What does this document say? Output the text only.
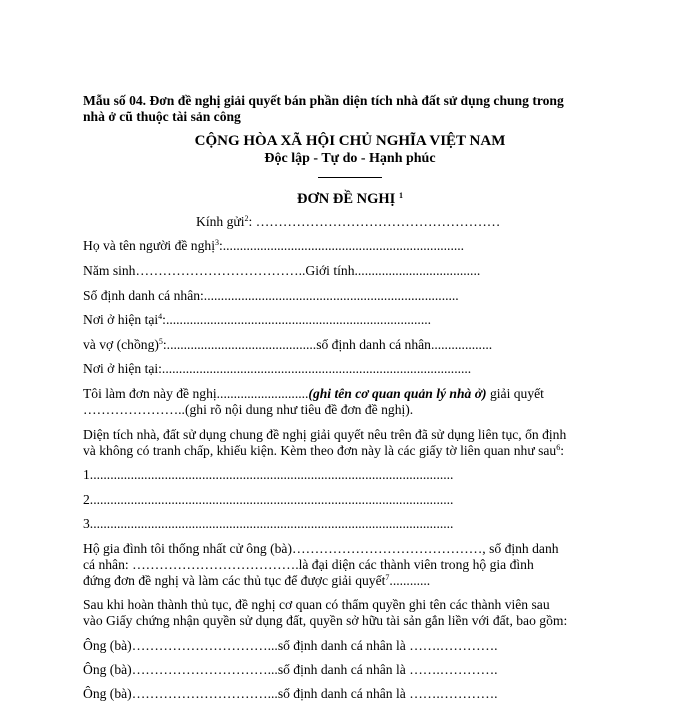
Mẫu số 04. Đơn đề nghị giải quyết bán phần diện tích nhà đất sử dụng chung trong
nhà ở cũ thuộc tài sản công
CỘNG HÒA XÃ HỘI CHỦ NGHĨA VIỆT NAM
Độc lập - Tự do - Hạnh phúc
ĐƠN ĐỀ NGHỊ $^1$
Kính gửi$^2$: ………………………………………………
Họ và tên người đề nghị$^3$:.......................................................................
Năm sinh………………………………..Giới tính.....................................
Số định danh cá nhân:...........................................................................
Nơi ở hiện tại$^4$:..............................................................................
và vợ (chồng)$^5$:............................................số định danh cá nhân..................
Nơi ở hiện tại:...........................................................................................
Tôi làm đơn này đề nghị...........................(ghi tên cơ quan quản lý nhà ở) giải quyết
…………………..(ghi rõ nội dung như tiêu đề đơn đề nghị).
Diện tích nhà, đất sử dụng chung đề nghị giải quyết nêu trên đã sử dụng liên tục, ổn định
và không có tranh chấp, khiếu kiện. Kèm theo đơn này là các giấy tờ liên quan như sau$^6$:
1...........................................................................................................
2...........................................................................................................
3...........................................................................................................
Hộ gia đình tôi thống nhất cử ông (bà)……………………………………, số định danh
cá nhân: ……………………………….là đại diện các thành viên trong hộ gia đình
đứng đơn đề nghị và làm các thủ tục để được giải quyết$^7$............
Sau khi hoàn thành thủ tục, đề nghị cơ quan có thẩm quyền ghi tên các thành viên sau
vào Giấy chứng nhận quyền sử dụng đất, quyền sở hữu tài sản gắn liền với đất, bao gồm:
Ông (bà)…………………………...số định danh cá nhân là …….………….
Ông (bà)…………………………...số định danh cá nhân là …….………….
Ông (bà)…………………………...số định danh cá nhân là …….………….
